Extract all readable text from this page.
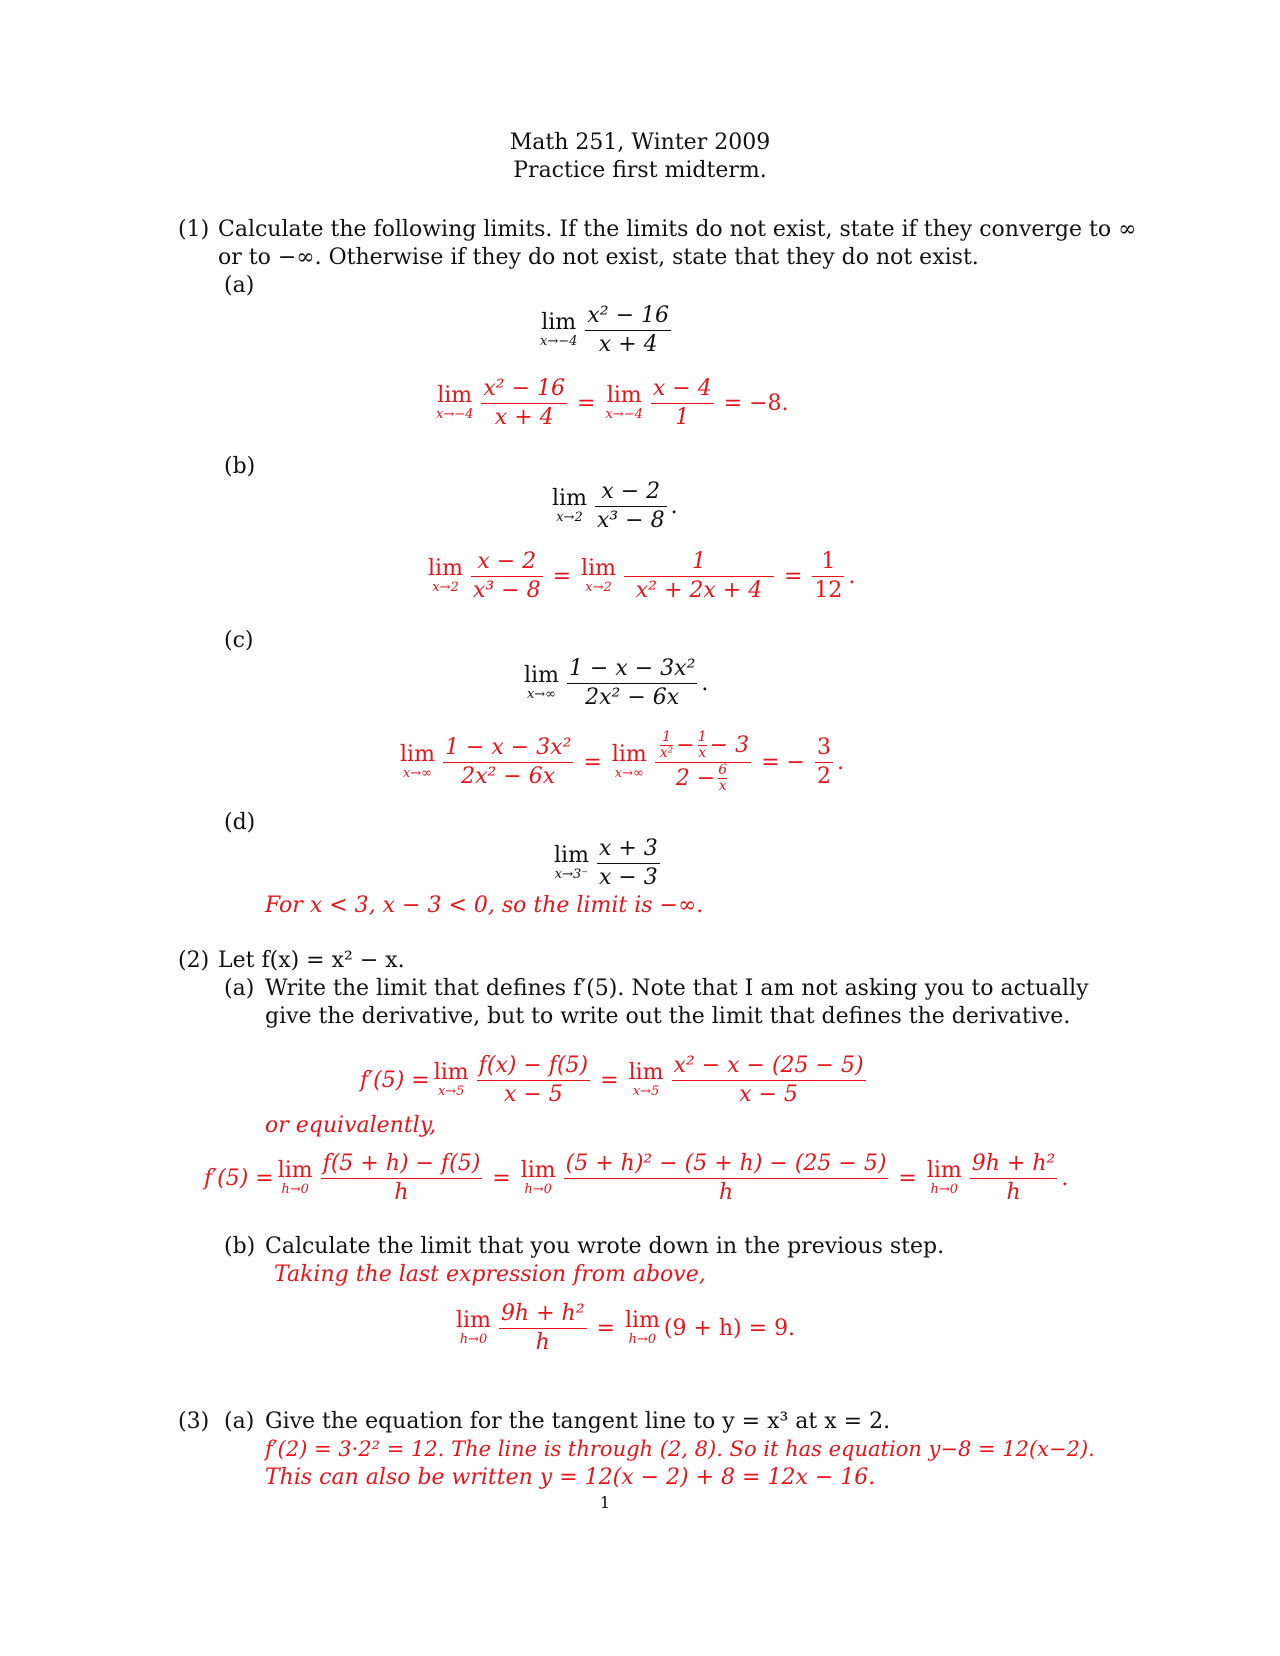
Math 251, Winter 2009
Practice first midterm.
(1) Calculate the following limits. If the limits do not exist, state if they converge to ∞
or to −∞. Otherwise if they do not exist, state that they do not exist.
(a)
lim
x→−4
x² − 16
x + 4
lim
$x\to-4 \frac{\text{x² − 16}}{x + 4} = \lim$
$x\to-4 \frac{x - 4}{1} = -8$.
(b)
lim
x→2
x − 2
x³ − 8
.
lim
$x\to 2 \frac{x - 2}{\text{x³ − 8}} = \lim$
$x\to 2 \frac{1}{\text{x² + 2x + 4}} = \frac{1}{12}$ .
(c)
lim
x→∞
1 − x − 3x²
2x² − 6x
.
lim
$x\to\infty \frac{\text{1 − x − 3x²}}{\text{2x² − 6x}} = \lim$
$x\to\infty \frac{\frac{1}{\text{x²}} - \frac{1}{x} - 3}{2 - \frac{6}{x}}$ = − $\frac{3}{2}$ .
(d)
lim
x→3⁻
x + 3
x − 3
For x < 3, x − 3 < 0, so the limit is −∞.
(2) Let f(x) = x² − x.
(a) Write the limit that defines f′(5). Note that I am not asking you to actually
give the derivative, but to write out the limit that defines the derivative.
f′(5) = lim
$x\to 5 \frac{f(x) - f(5)}{x - 5} = \lim$
x→5
x² − x − (25 − 5)
x − 5
or equivalently,
f′(5) = lim
$h\to 0 \frac{f(5 + h) - f(5)}{h} = \lim$
$h\to 0 \frac{\text{(5 + h)² − (5 + h) − (25 − 5)}}{h} = \lim$
h→0
9h + h²
h
.
(b) Calculate the limit that you wrote down in the previous step.
Taking the last expression from above,
lim
$h\to 0 \frac{\text{9h + h²}}{h} = \lim$
h→0 (9 + h) = 9.
(3) (a) Give the equation for the tangent line to y = x³ at x = 2.
f′(2) = 3·2² = 12. The line is through (2, 8). So it has equation y−8 = 12(x−2).
This can also be written y = 12(x − 2) + 8 = 12x − 16.
1
